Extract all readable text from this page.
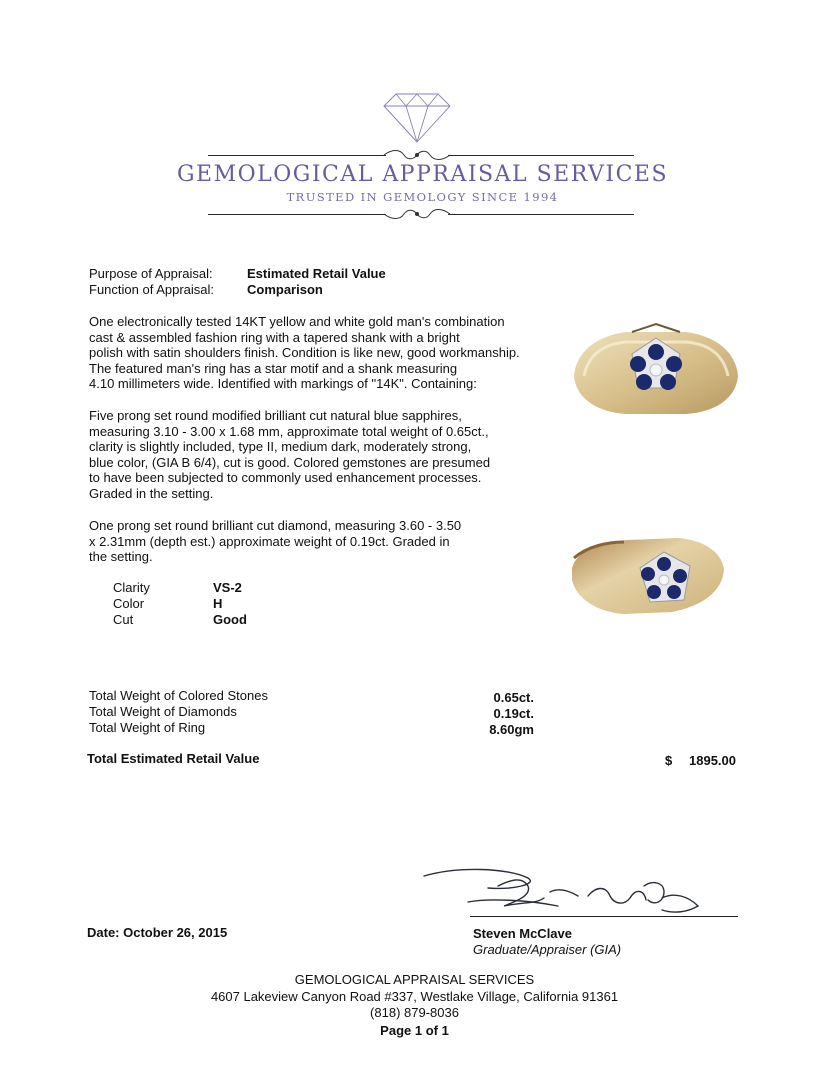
GEMOLOGICAL APPRAISAL SERVICES
TRUSTED IN GEMOLOGY SINCE 1994
Purpose of Appraisal:	Estimated Retail Value
Function of Appraisal:	Comparison
One electronically tested 14KT yellow and white gold man's combination
cast & assembled fashion ring with a tapered shank with a bright
polish with satin shoulders finish. Condition is like new, good workmanship.
The featured man's ring has a star motif and a shank measuring
4.10 millimeters wide. Identified with markings of "14K". Containing:
Five prong set round modified brilliant cut natural blue sapphires,
measuring 3.10 - 3.00 x 1.68 mm, approximate total weight of 0.65ct.,
clarity is slightly included, type II, medium dark, moderately strong,
blue color, (GIA B 6/4), cut is good. Colored gemstones are presumed
to have been subjected to commonly used enhancement processes.
Graded in the setting.
One prong set round brilliant cut diamond, measuring 3.60 - 3.50
x 2.31mm (depth est.) approximate weight of 0.19ct. Graded in
the setting.
Clarity	VS-2
Color	H
Cut	Good
Total Weight of Colored Stones	0.65ct.
Total Weight of Diamonds	0.19ct.
Total Weight of Ring	8.60gm
Total Estimated Retail Value	$ 1895.00
Date: October 26, 2015	Steven McClave
Graduate/Appraiser (GIA)
GEMOLOGICAL APPRAISAL SERVICES
4607 Lakeview Canyon Road #337, Westlake Village, California 91361
(818) 879-8036
Page 1 of 1
